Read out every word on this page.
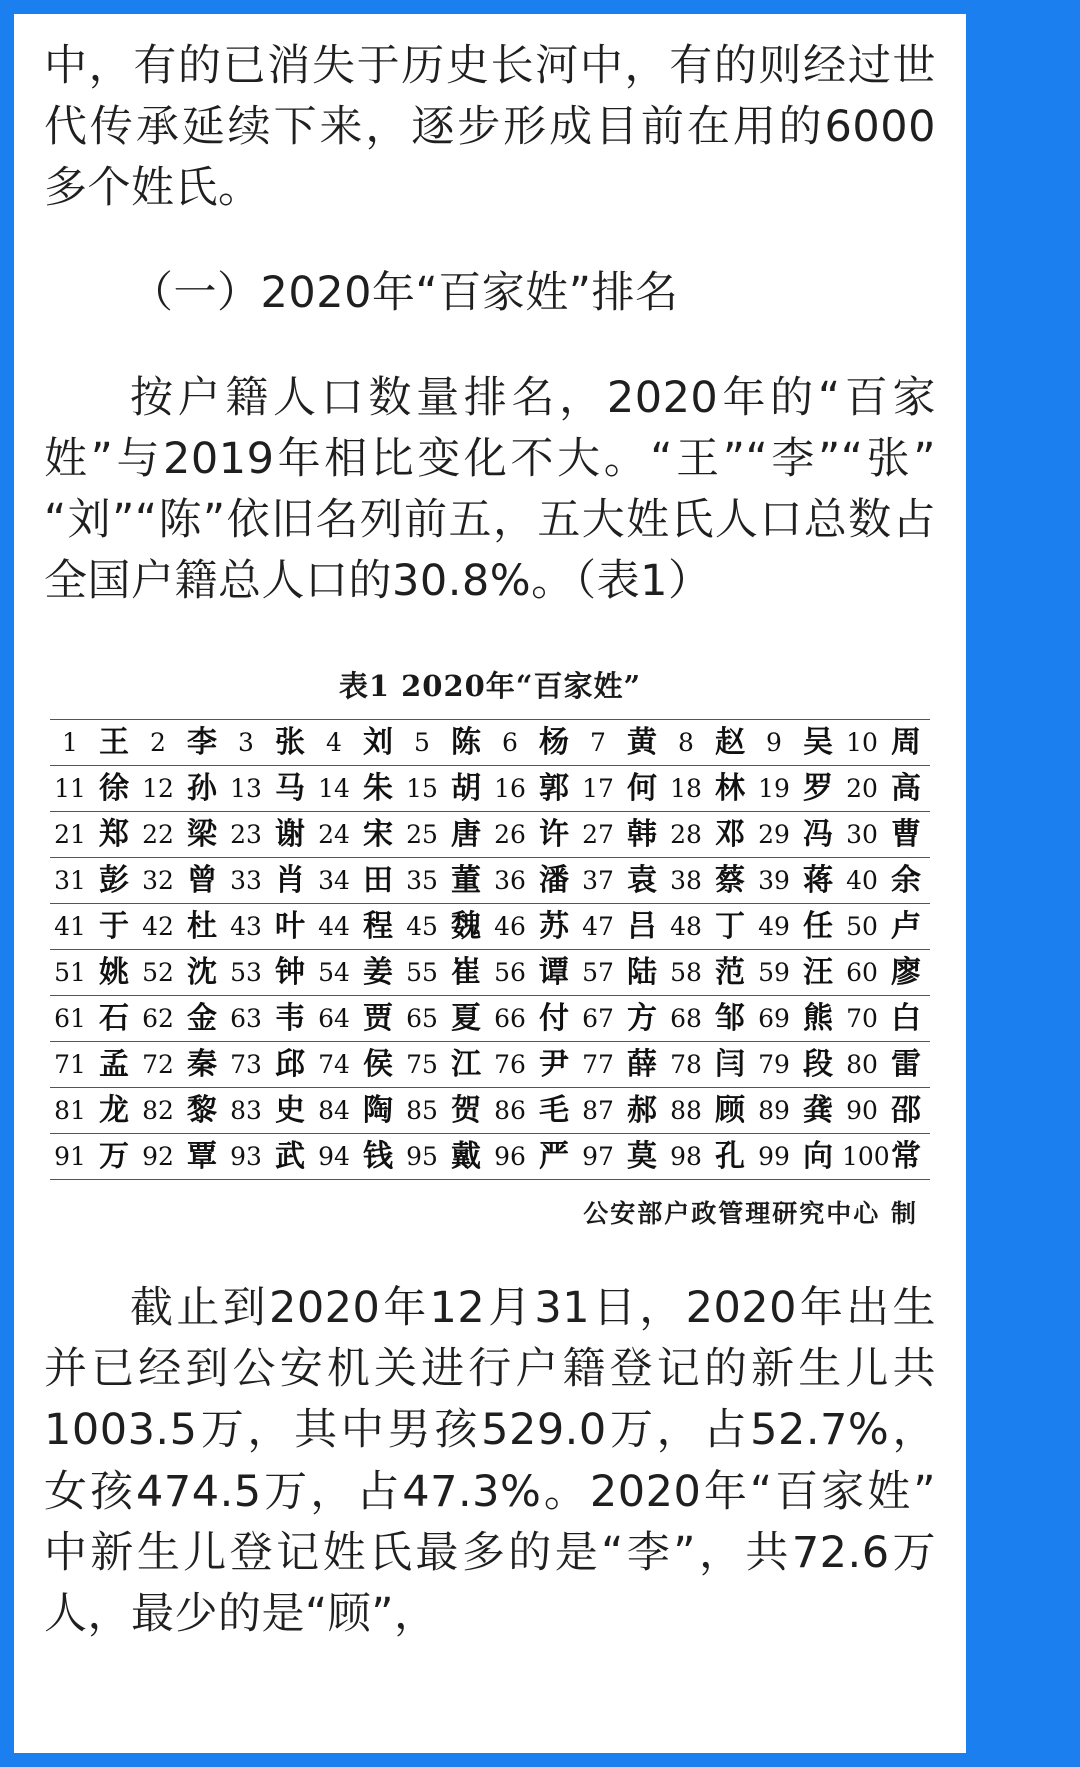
中，有的已消失于历史长河中，有的则经过世代传承延续下来，逐步形成目前在用的6000多个姓氏。

（一）2020年“百家姓”排名

按户籍人口数量排名，2020年的“百家姓”与2019年相比变化不大。“王”“李”“张”“刘”“陈”依旧名列前五，五大姓氏人口总数占全国户籍总人口的30.8%。（表1）

表1 2020年“百家姓”
1	王	2	李	3	张	4	刘	5	陈	6	杨	7	黄	8	赵	9	吴	10	周
11	徐	12	孙	13	马	14	朱	15	胡	16	郭	17	何	18	林	19	罗	20	高
21	郑	22	梁	23	谢	24	宋	25	唐	26	许	27	韩	28	邓	29	冯	30	曹
31	彭	32	曾	33	肖	34	田	35	董	36	潘	37	袁	38	蔡	39	蒋	40	余
41	于	42	杜	43	叶	44	程	45	魏	46	苏	47	吕	48	丁	49	任	50	卢
51	姚	52	沈	53	钟	54	姜	55	崔	56	谭	57	陆	58	范	59	汪	60	廖
61	石	62	金	63	韦	64	贾	65	夏	66	付	67	方	68	邹	69	熊	70	白
71	孟	72	秦	73	邱	74	侯	75	江	76	尹	77	薛	78	闫	79	段	80	雷
81	龙	82	黎	83	史	84	陶	85	贺	86	毛	87	郝	88	顾	89	龚	90	邵
91	万	92	覃	93	武	94	钱	95	戴	96	严	97	莫	98	孔	99	向	100	常
公安部户政管理研究中心 制

截止到2020年12月31日，2020年出生并已经到公安机关进行户籍登记的新生儿共1003.5万，其中男孩529.0万，占52.7%，女孩474.5万，占47.3%。2020年“百家姓”中新生儿登记姓氏最多的是“李”，共72.6万人，最少的是“顾”，
